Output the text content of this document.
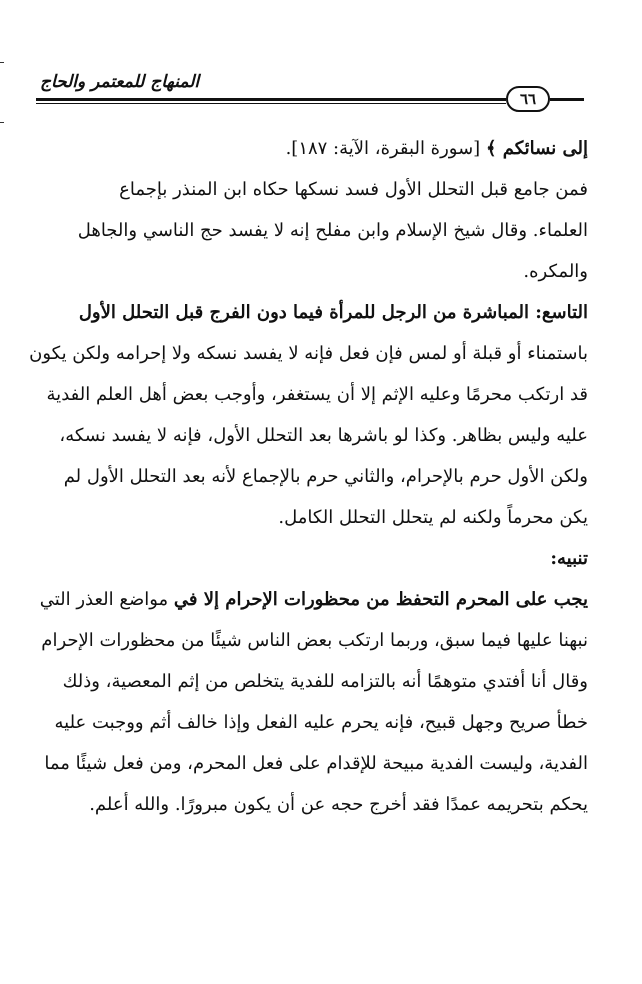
المنهاج للمعتمر والحاج
٦٦
إلى نسائكم ﴾ [سورة البقرة، الآية: ١٨٧].
فمن جامع قبل التحلل الأول فسد نسكها حكاه ابن المنذر بإجماع
العلماء. وقال شيخ الإسلام وابن مفلح إنه لا يفسد حج الناسي والجاهل
والمكره.
التاسع: المباشرة من الرجل للمرأة فيما دون الفرج قبل التحلل الأول
باستمناء أو قبلة أو لمس فإن فعل فإنه لا يفسد نسكه ولا إحرامه ولكن يكون
قد ارتكب محرمًا وعليه الإثم إلا أن يستغفر، وأوجب بعض أهل العلم الفدية
عليه وليس بظاهر. وكذا لو باشرها بعد التحلل الأول، فإنه لا يفسد نسكه،
ولكن الأول حرم بالإحرام، والثاني حرم بالإجماع لأنه بعد التحلل الأول لم
يكن محرماً ولكنه لم يتحلل التحلل الكامل.
تنبيه:
يجب على المحرم التحفظ من محظورات الإحرام إلا في مواضع العذر التي
نبهنا عليها فيما سبق، وربما ارتكب بعض الناس شيئًا من محظورات الإحرام
وقال أنا أفتدي متوهمًا أنه بالتزامه للفدية يتخلص من إثم المعصية، وذلك
خطأ صريح وجهل قبيح، فإنه يحرم عليه الفعل وإذا خالف أثم ووجبت عليه
الفدية، وليست الفدية مبيحة للإقدام على فعل المحرم، ومن فعل شيئًا مما
يحكم بتحريمه عمدًا فقد أخرج حجه عن أن يكون مبرورًا. والله أعلم.
